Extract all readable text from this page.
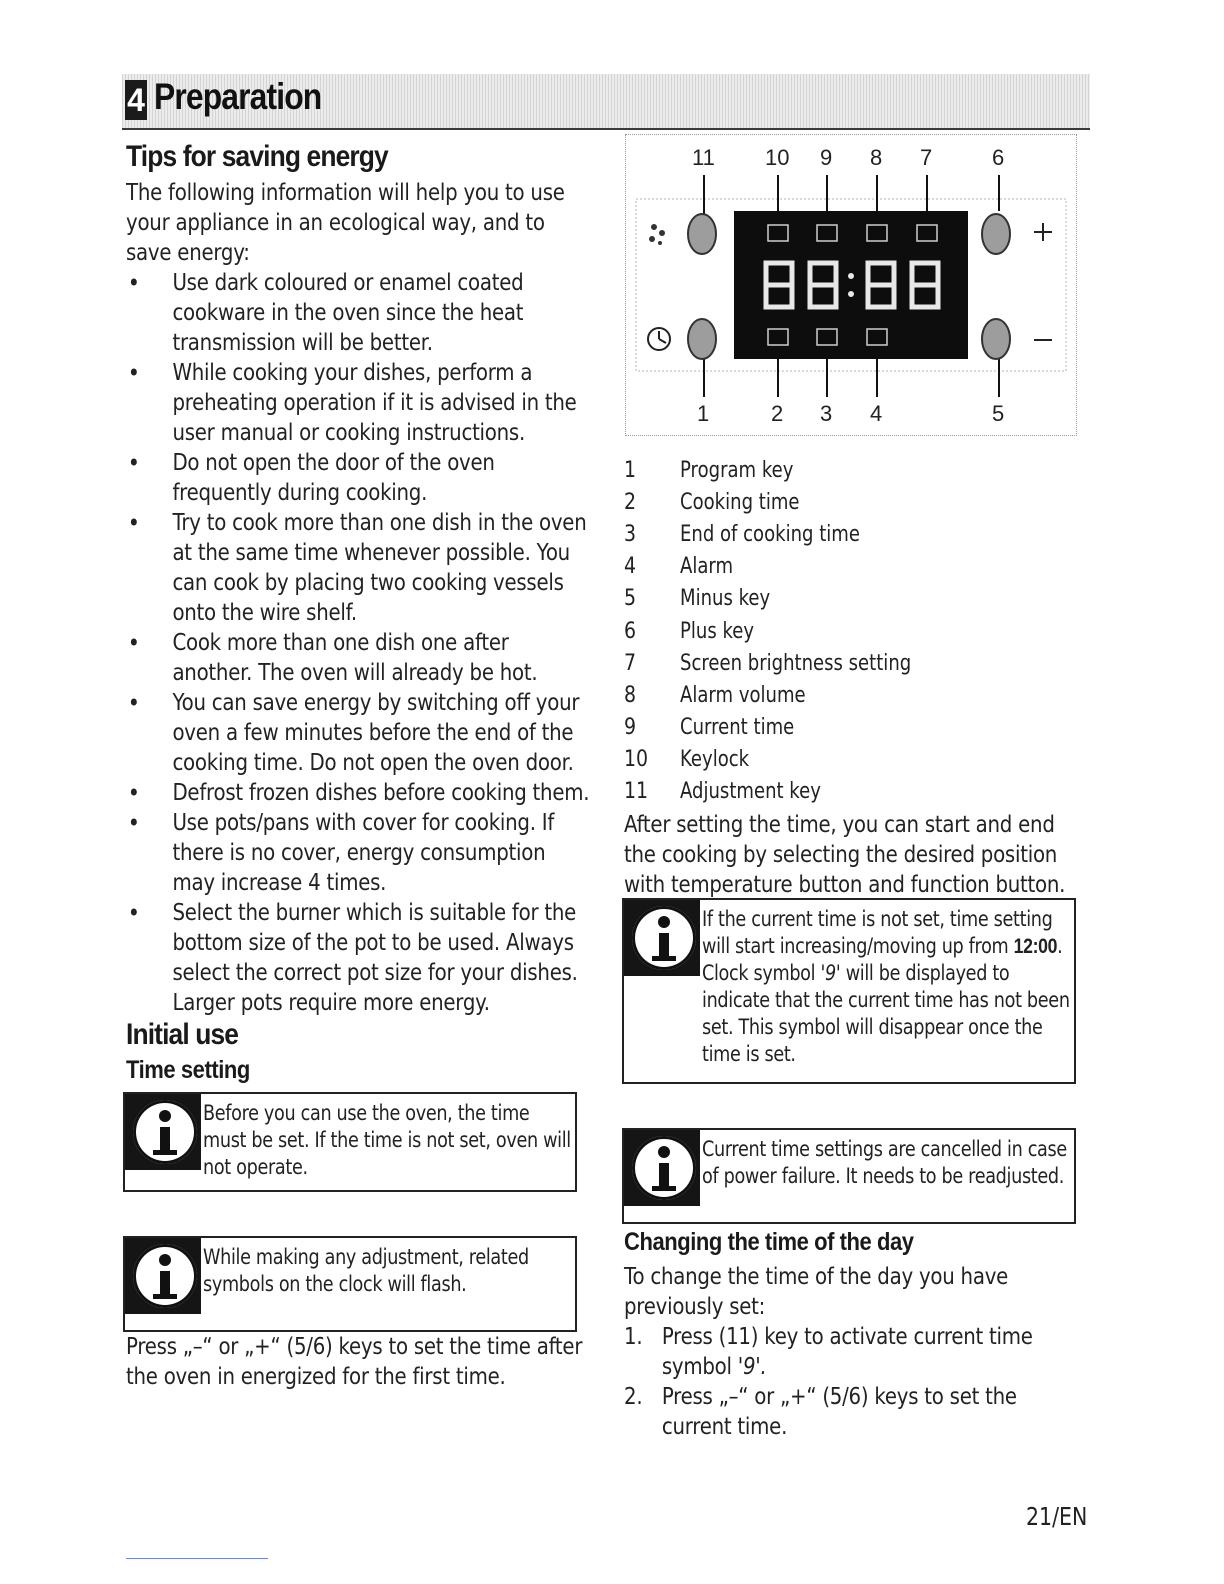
4 Preparation
Tips for saving energy
The following information will help you to use your appliance in an ecological way, and to save energy:
• Use dark coloured or enamel coated cookware in the oven since the heat transmission will be better.
• While cooking your dishes, perform a preheating operation if it is advised in the user manual or cooking instructions.
• Do not open the door of the oven frequently during cooking.
• Try to cook more than one dish in the oven at the same time whenever possible. You can cook by placing two cooking vessels onto the wire shelf.
• Cook more than one dish one after another. The oven will already be hot.
• You can save energy by switching off your oven a few minutes before the end of the cooking time. Do not open the oven door.
• Defrost frozen dishes before cooking them.
• Use pots/pans with cover for cooking. If there is no cover, energy consumption may increase 4 times.
• Select the burner which is suitable for the bottom size of the pot to be used. Always select the correct pot size for your dishes. Larger pots require more energy.
Initial use
Time setting
Before you can use the oven, the time must be set. If the time is not set, oven will not operate.
While making any adjustment, related symbols on the clock will flash.
Press „–“ or „+“ (5/6) keys to set the time after the oven in energized for the first time.
11 10 9 8 7	6
1	2 3 4	5
1	Program key
2	Cooking time
3	End of cooking time
4	Alarm
5	Minus key
6	Plus key
7	Screen brightness setting
8	Alarm volume
9	Current time
10	Keylock
11	Adjustment key
After setting the time, you can start and end the cooking by selecting the desired position with temperature button and function button.
If the current time is not set, time setting will start increasing/moving up from 12:00. Clock symbol '9' will be displayed to indicate that the current time has not been set. This symbol will disappear once the time is set.
Current time settings are cancelled in case of power failure. It needs to be readjusted.
Changing the time of the day
To change the time of the day you have previously set:
1. Press (11) key to activate current time symbol '9'.
2. Press „–“ or „+“ (5/6) keys to set the current time.
21/EN
